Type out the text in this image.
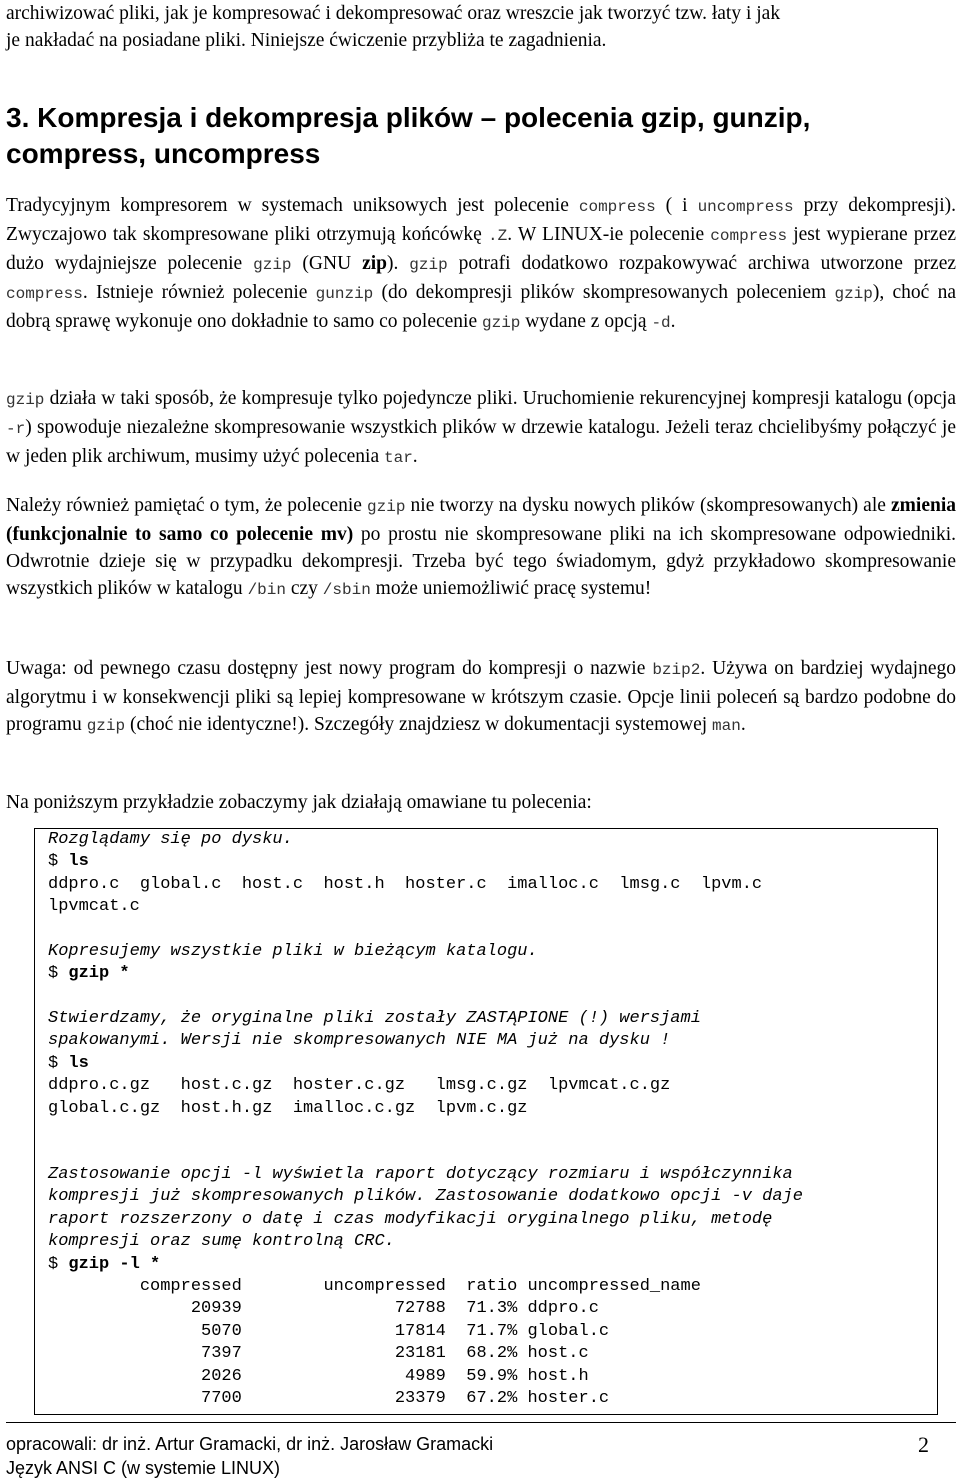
archiwizować pliki, jak je kompresować i dekompresować oraz wreszcie jak tworzyć tzw. łaty i jak
je nakładać na posiadane pliki. Niniejsze ćwiczenie przybliża te zagadnienia.

3. Kompresja i dekompresja plików – polecenia gzip, gunzip, compress, uncompress

Tradycyjnym kompresorem w systemach uniksowych jest polecenie compress ( i uncompress przy dekompresji). Zwyczajowo tak skompresowane pliki otrzymują końcówkę .Z. W LINUX-ie polecenie compress jest wypierane przez dużo wydajniejsze polecenie gzip (GNU zip). gzip potrafi dodatkowo rozpakowywać archiwa utworzone przez compress. Istnieje również polecenie gunzip (do dekompresji plików skompresowanych poleceniem gzip), choć na dobrą sprawę wykonuje ono dokładnie to samo co polecenie gzip wydane z opcją -d.

gzip działa w taki sposób, że kompresuje tylko pojedyncze pliki. Uruchomienie rekurencyjnej kompresji katalogu (opcja -r) spowoduje niezależne skompresowanie wszystkich plików w drzewie katalogu. Jeżeli teraz chcielibyśmy połączyć je w jeden plik archiwum, musimy użyć polecenia tar.

Należy również pamiętać o tym, że polecenie gzip nie tworzy na dysku nowych plików (skompresowanych) ale zmienia (funkcjonalnie to samo co polecenie mv) po prostu nie skompresowane pliki na ich skompresowane odpowiedniki. Odwrotnie dzieje się w przypadku dekompresji. Trzeba być tego świadomym, gdyż przykładowo skompresowanie wszystkich plików w katalogu /bin czy /sbin może uniemożliwić pracę systemu!

Uwaga: od pewnego czasu dostępny jest nowy program do kompresji o nazwie bzip2. Używa on bardziej wydajnego algorytmu i w konsekwencji pliki są lepiej kompresowane w krótszym czasie. Opcje linii poleceń są bardzo podobne do programu gzip (choć nie identyczne!). Szczegóły znajdziesz w dokumentacji systemowej man.

Na poniższym przykładzie zobaczymy jak działają omawiane tu polecenia:

Rozglądamy się po dysku.
$ ls
ddpro.c  global.c  host.c  host.h  hoster.c  imalloc.c  lmsg.c  lpvm.c
lpvmcat.c
Kopresujemy wszystkie pliki w bieżącym katalogu.
$ gzip *
Stwierdzamy, że oryginalne pliki zostały ZASTĄPIONE (!) wersjami
spakowanymi. Wersji nie skompresowanych NIE MA już na dysku !
$ ls
ddpro.c.gz   host.c.gz  hoster.c.gz   lmsg.c.gz  lpvmcat.c.gz
global.c.gz  host.h.gz  imalloc.c.gz  lpvm.c.gz
Zastosowanie opcji -l wyświetla raport dotyczący rozmiaru i współczynnika
kompresji już skompresowanych plików. Zastosowanie dodatkowo opcji -v daje
raport rozszerzony o datę i czas modyfikacji oryginalnego pliku, metodę
kompresji oraz sumę kontrolną CRC.
$ gzip -l *
compressed        uncompressed  ratio uncompressed_name
20939               72788  71.3% ddpro.c
5070               17814  71.7% global.c
7397               23181  68.2% host.c
2026                4989  59.9% host.h
7700               23379  67.2% hoster.c
opracowali: dr inż. Artur Gramacki, dr inż. Jarosław Gramacki
Język ANSI C (w systemie LINUX)
2
